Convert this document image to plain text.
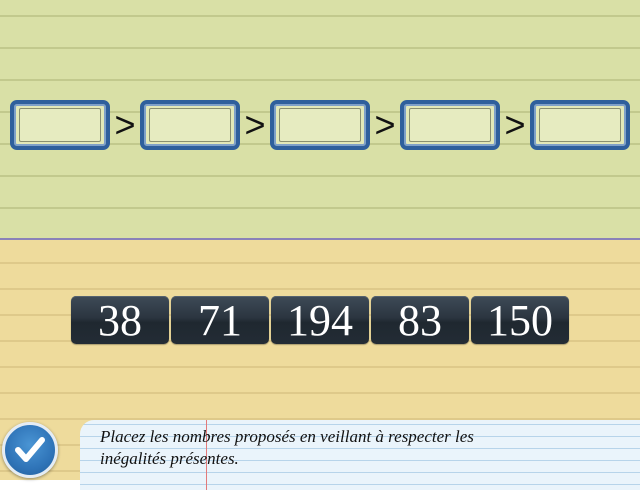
>	>	>	>
38	71	194	83	150
Placez les nombres proposés en veillant à respecter les
inégalités présentes.
